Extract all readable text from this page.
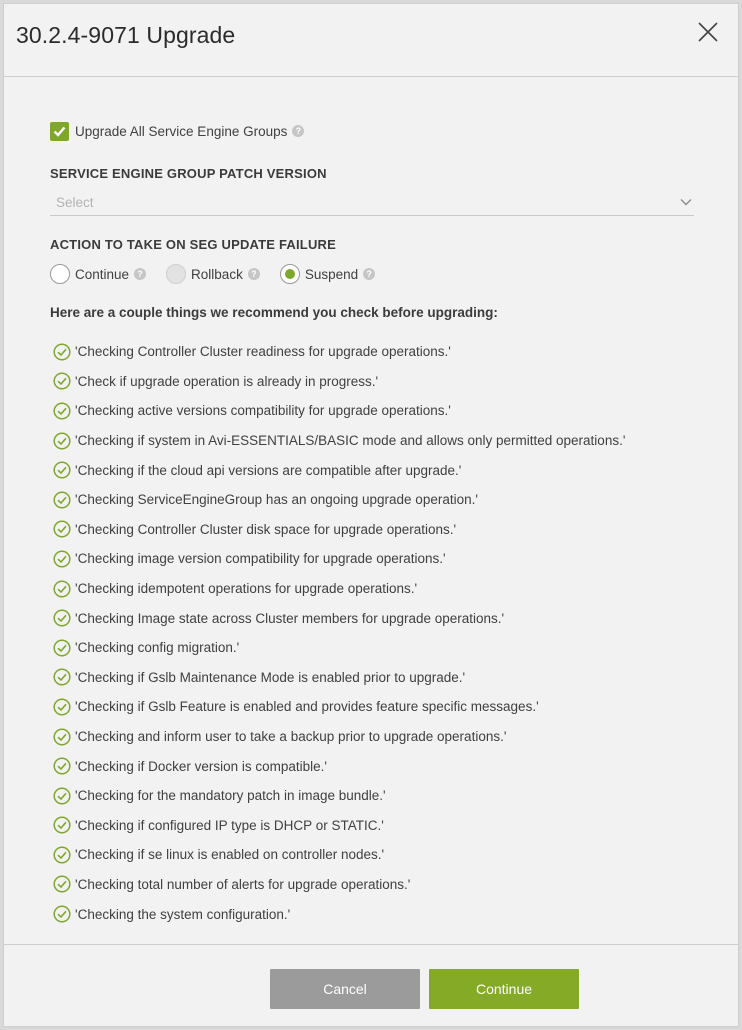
30.2.4-9071 Upgrade
Upgrade All Service Engine Groups ?
SERVICE ENGINE GROUP PATCH VERSION
Select
ACTION TO TAKE ON SEG UPDATE FAILURE
Continue ?	Rollback ?	Suspend ?
Here are a couple things we recommend you check before upgrading:
'Checking Controller Cluster readiness for upgrade operations.'
'Check if upgrade operation is already in progress.'
'Checking active versions compatibility for upgrade operations.'
'Checking if system in Avi-ESSENTIALS/BASIC mode and allows only permitted operations.'
'Checking if the cloud api versions are compatible after upgrade.'
'Checking ServiceEngineGroup has an ongoing upgrade operation.'
'Checking Controller Cluster disk space for upgrade operations.'
'Checking image version compatibility for upgrade operations.'
'Checking idempotent operations for upgrade operations.'
'Checking Image state across Cluster members for upgrade operations.'
'Checking config migration.'
'Checking if Gslb Maintenance Mode is enabled prior to upgrade.'
'Checking if Gslb Feature is enabled and provides feature specific messages.'
'Checking and inform user to take a backup prior to upgrade operations.'
'Checking if Docker version is compatible.'
'Checking for the mandatory patch in image bundle.'
'Checking if configured IP type is DHCP or STATIC.'
'Checking if se linux is enabled on controller nodes.'
'Checking total number of alerts for upgrade operations.'
'Checking the system configuration.'
Cancel	Continue
